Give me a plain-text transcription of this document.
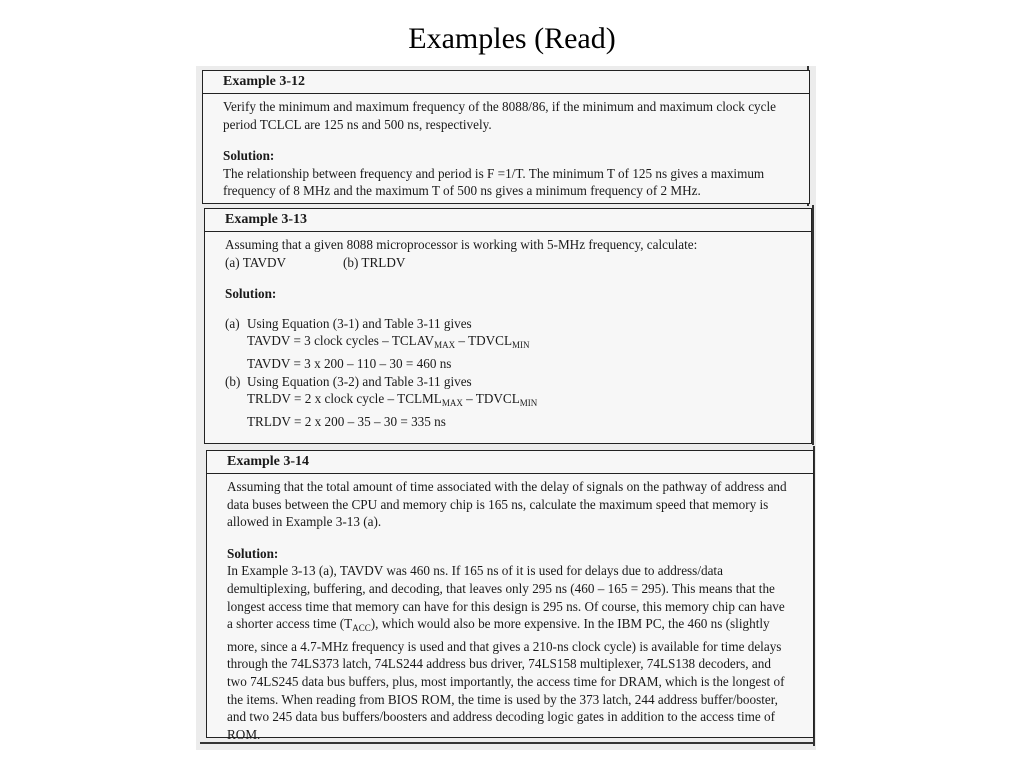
Examples (Read)
Example 3-12

Verify the minimum and maximum frequency of the 8088/86, if the minimum and maximum clock cycle period TCLCL are 125 ns and 500 ns, respectively.

Solution:

The relationship between frequency and period is F =1/T. The minimum T of 125 ns gives a maximum frequency of 8 MHz and the maximum T of 500 ns gives a minimum frequency of 2 MHz.

Example 3-13

Assuming that a given 8088 microprocessor is working with 5-MHz frequency, calculate:

(a) TAVDV	(b) TRLDV
Solution:
(a) Using Equation (3-1) and Table 3-11 gives
TAVDV = 3 clock cycles – $TCLAV_{MAX}$ – $TDVCL_{MIN}$
TAVDV = 3 x 200 – 110 – 30 = 460 ns
(b) Using Equation (3-2) and Table 3-11 gives
TRLDV = 2 x clock cycle – $TCLML_{MAX}$ – $TDVCL_{MIN}$
TRLDV = 2 x 200 – 35 – 30 = 335 ns
Example 3-14

Assuming that the total amount of time associated with the delay of signals on the pathway of address and data buses between the CPU and memory chip is 165 ns, calculate the maximum speed that memory is allowed in Example 3-13 (a).

Solution:

In Example 3-13 (a), TAVDV was 460 ns. If 165 ns of it is used for delays due to address/data demultiplexing, buffering, and decoding, that leaves only 295 ns (460 – 165 = 295). This means that the longest access time that memory can have for this design is 295 ns. Of course, this memory chip can have a shorter access time $(T_{ACC})$, which would also be more expensive. In the IBM PC, the 460 ns (slightly more, since a 4.7-MHz frequency is used and that gives a 210-ns clock cycle) is available for time delays through the 74LS373 latch, 74LS244 address bus driver, 74LS158 multiplexer, 74LS138 decoders, and two 74LS245 data bus buffers, plus, most importantly, the access time for DRAM, which is the longest of the items. When reading from BIOS ROM, the time is used by the 373 latch, 244 address buffer/booster, and two 245 data bus buffers/boosters and address decoding logic gates in addition to the access time of ROM.
